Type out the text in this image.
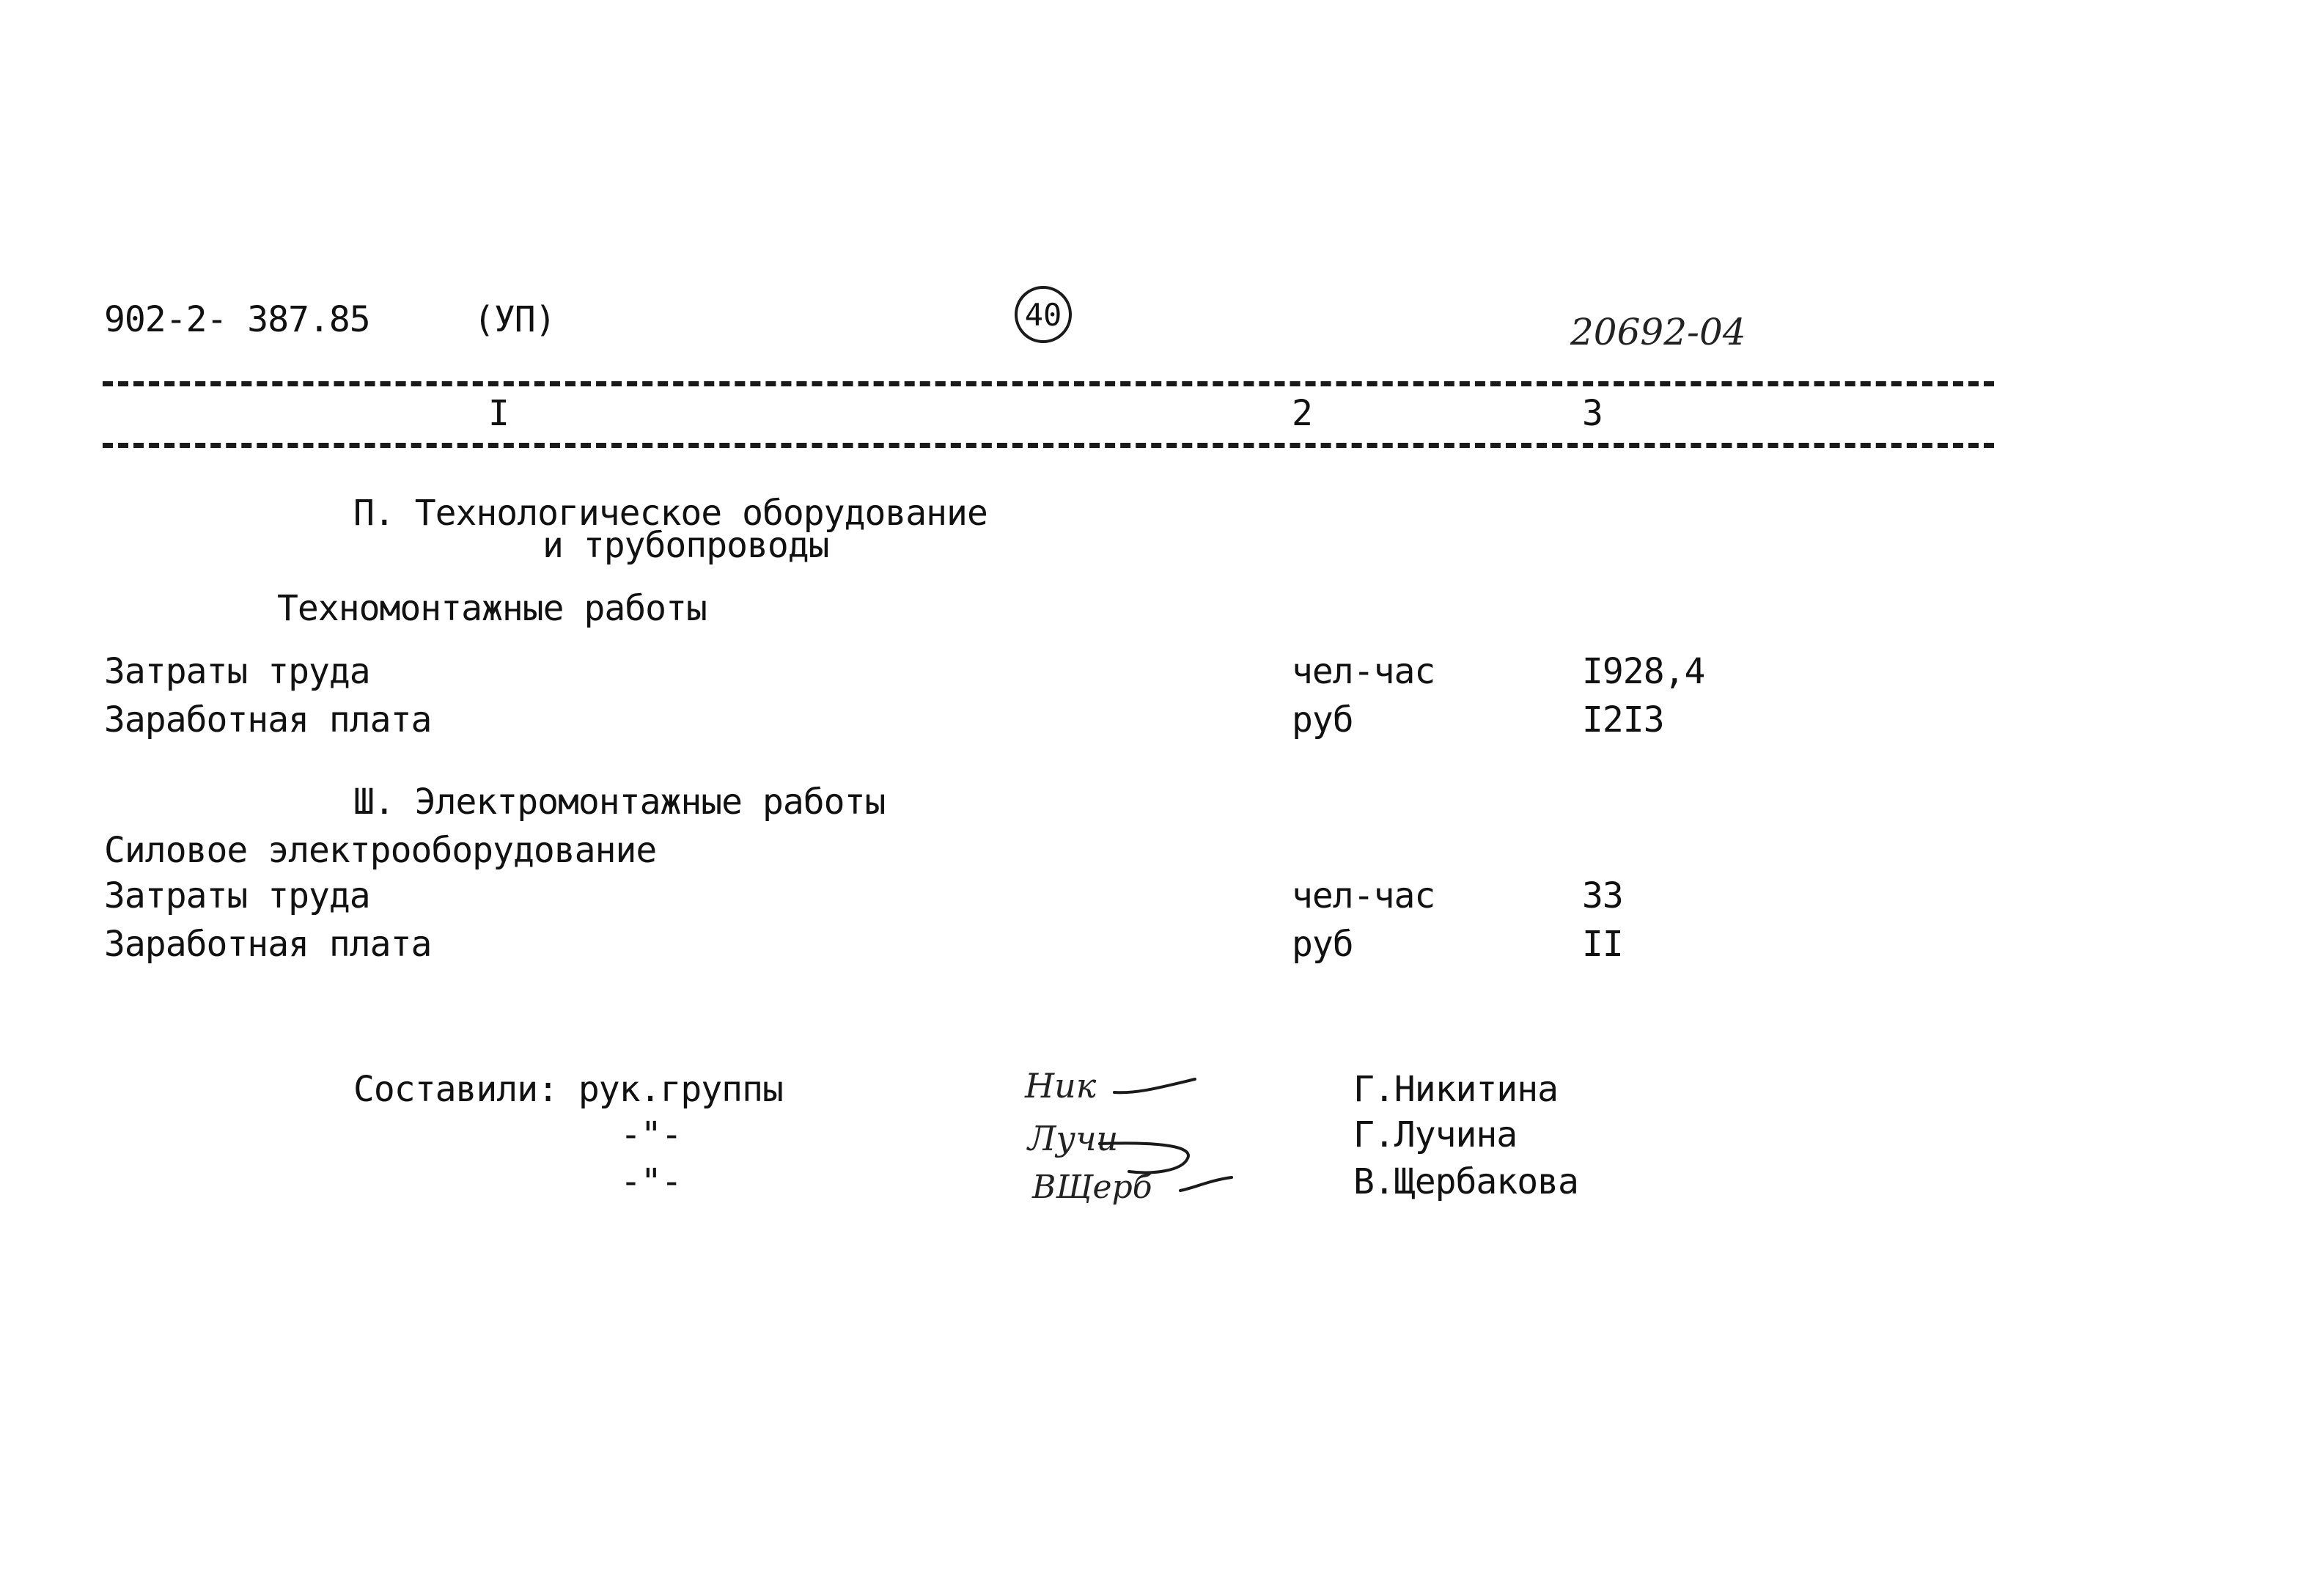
902-2- 387.85	(УП)	40	20692-04
I	2	3
П. Технологическое оборудование
и трубопроводы
Техномонтажные работы
Затраты труда	чел-час	I928,4
Заработная плата	руб	I2I3
Ш. Электромонтажные работы
Силовое электрооборудование
Затраты труда	чел-час	33
Заработная плата	руб	II
Составили: рук.группы
-"-
-"-
Ник
Лучи
ВЩерб
Г.Никитина
Г.Лучина
В.Щербакова
